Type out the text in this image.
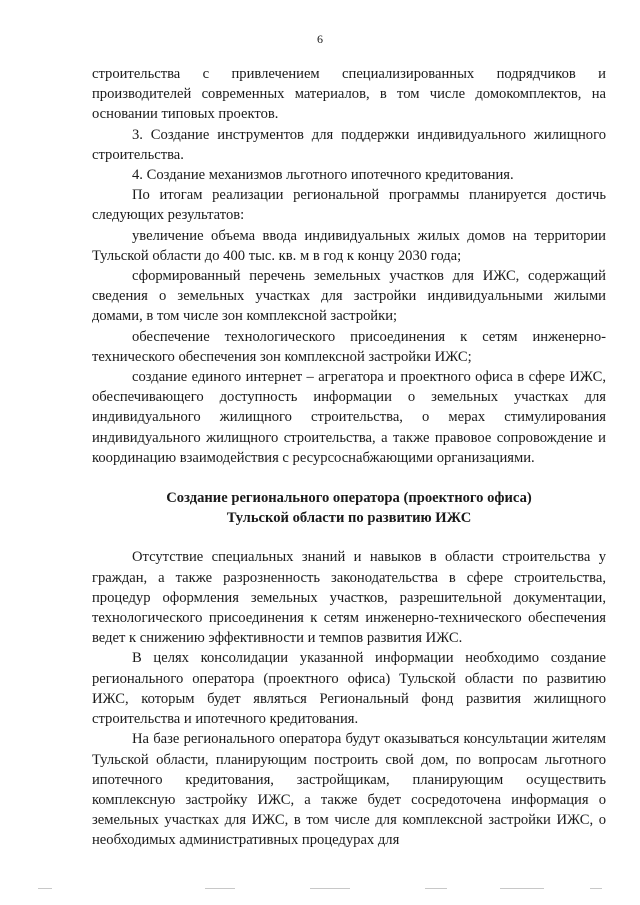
6

строительства с привлечением специализированных подрядчиков и производителей современных материалов, в том числе домокомплектов, на основании типовых проектов.

3. Создание инструментов для поддержки индивидуального жилищного строительства.

4. Создание механизмов льготного ипотечного кредитования.

По итогам реализации региональной программы планируется достичь следующих результатов:

увеличение объема ввода индивидуальных жилых домов на территории Тульской области до 400 тыс. кв. м в год к концу 2030 года;

сформированный перечень земельных участков для ИЖС, содержащий сведения о земельных участках для застройки индивидуальными жилыми домами, в том числе зон комплексной застройки;

обеспечение технологического присоединения к сетям инженерно-технического обеспечения зон комплексной застройки ИЖС;

создание единого интернет – агрегатора и проектного офиса в сфере ИЖС, обеспечивающего доступность информации о земельных участках для индивидуального жилищного строительства, о мерах стимулирования индивидуального жилищного строительства, а также правовое сопровождение и координацию взаимодействия с ресурсоснабжающими организациями.

Создание регионального оператора (проектного офиса)
Тульской области по развитию ИЖС

Отсутствие специальных знаний и навыков в области строительства у граждан, а также разрозненность законодательства в сфере строительства, процедур оформления земельных участков, разрешительной документации, технологического присоединения к сетям инженерно-технического обеспечения ведет к снижению эффективности и темпов развития ИЖС.

В целях консолидации указанной информации необходимо создание регионального оператора (проектного офиса) Тульской области по развитию ИЖС, которым будет являться Региональный фонд развития жилищного строительства и ипотечного кредитования.

На базе регионального оператора будут оказываться консультации жителям Тульской области, планирующим построить свой дом, по вопросам льготного ипотечного кредитования, застройщикам, планирующим осуществить комплексную застройку ИЖС, а также будет сосредоточена информация о земельных участках для ИЖС, в том числе для комплексной застройки ИЖС, о необходимых административных процедурах для
